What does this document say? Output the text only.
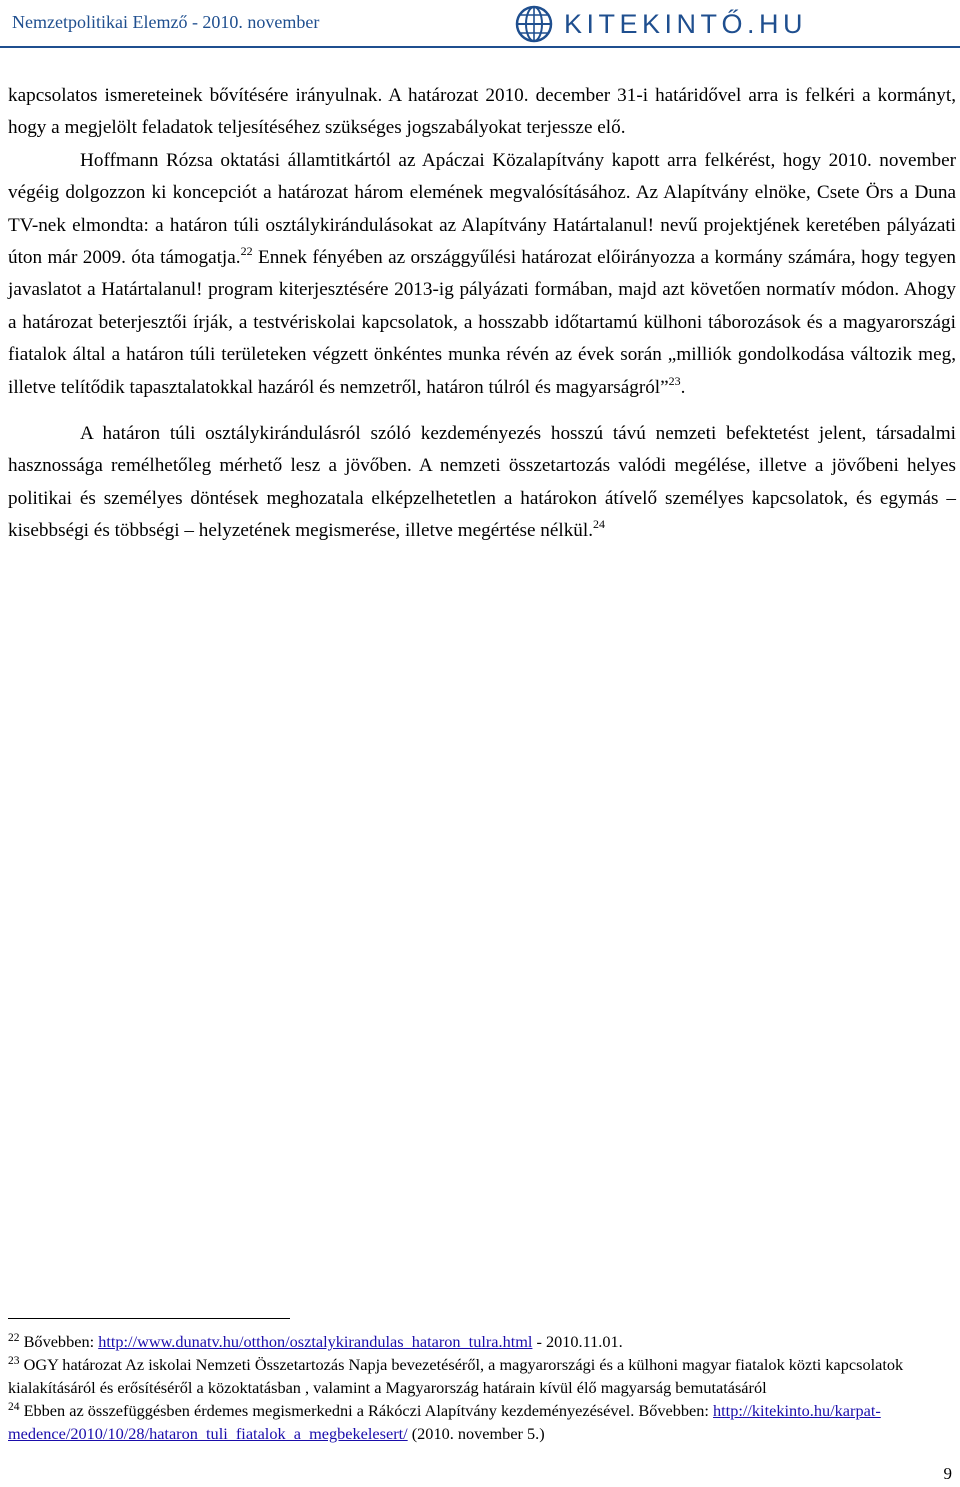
Nemzetpolitikai Elemző - 2010. november	KITEKINTŐ.HU

kapcsolatos ismereteinek bővítésére irányulnak. A határozat 2010. december 31-i határidővel arra is felkéri a kormányt, hogy a megjelölt feladatok teljesítéséhez szükséges jogszabályokat terjessze elő.

Hoffmann Rózsa oktatási államtitkártól az Apáczai Közalapítvány kapott arra felkérést, hogy 2010. november végéig dolgozzon ki koncepciót a határozat három elemének megvalósításához. Az Alapítvány elnöke, Csete Örs a Duna TV-nek elmondta: a határon túli osztálykirándulásokat az Alapítvány Határtalanul! nevű projektjének keretében pályázati úton már 2009. óta támogatja.$^{22}$ Ennek fényében az országgyűlési határozat előirányozza a kormány számára, hogy tegyen javaslatot a Határtalanul! program kiterjesztésére 2013-ig pályázati formában, majd azt követően normatív módon. Ahogy a határozat beterjesztői írják, a testvériskolai kapcsolatok, a hosszabb időtartamú külhoni táborozások és a magyarországi fiatalok által a határon túli területeken végzett önkéntes munka révén az évek során „milliók gondolkodása változik meg, illetve telítődik tapasztalatokkal hazáról és nemzetről, határon túlról és magyarságról”$^{23}$.

A határon túli osztálykirándulásról szóló kezdeményezés hosszú távú nemzeti befektetést jelent, társadalmi hasznossága remélhetőleg mérhető lesz a jövőben. A nemzeti összetartozás valódi megélése, illetve a jövőbeni helyes politikai és személyes döntések meghozatala elképzelhetetlen a határokon átívelő személyes kapcsolatok, és egymás – kisebbségi és többségi – helyzetének megismerése, illetve megértése nélkül.$^{24}$

$^{22}$ Bővebben: http://www.dunatv.hu/otthon/osztalykirandulas_hataron_tulra.html - 2010.11.01.

$^{23}$ OGY határozat Az iskolai Nemzeti Összetartozás Napja bevezetéséről, a magyarországi és a külhoni magyar fiatalok közti kapcsolatok kialakításáról és erősítéséről a közoktatásban , valamint a Magyarország határain kívül élő magyarság bemutatásáról

$^{24}$ Ebben az összefüggésben érdemes megismerkedni a Rákóczi Alapítvány kezdeményezésével. Bővebben: http://kitekinto.hu/karpat-medence/2010/10/28/hataron_tuli_fiatalok_a_megbekelesert/ (2010. november 5.)

9
